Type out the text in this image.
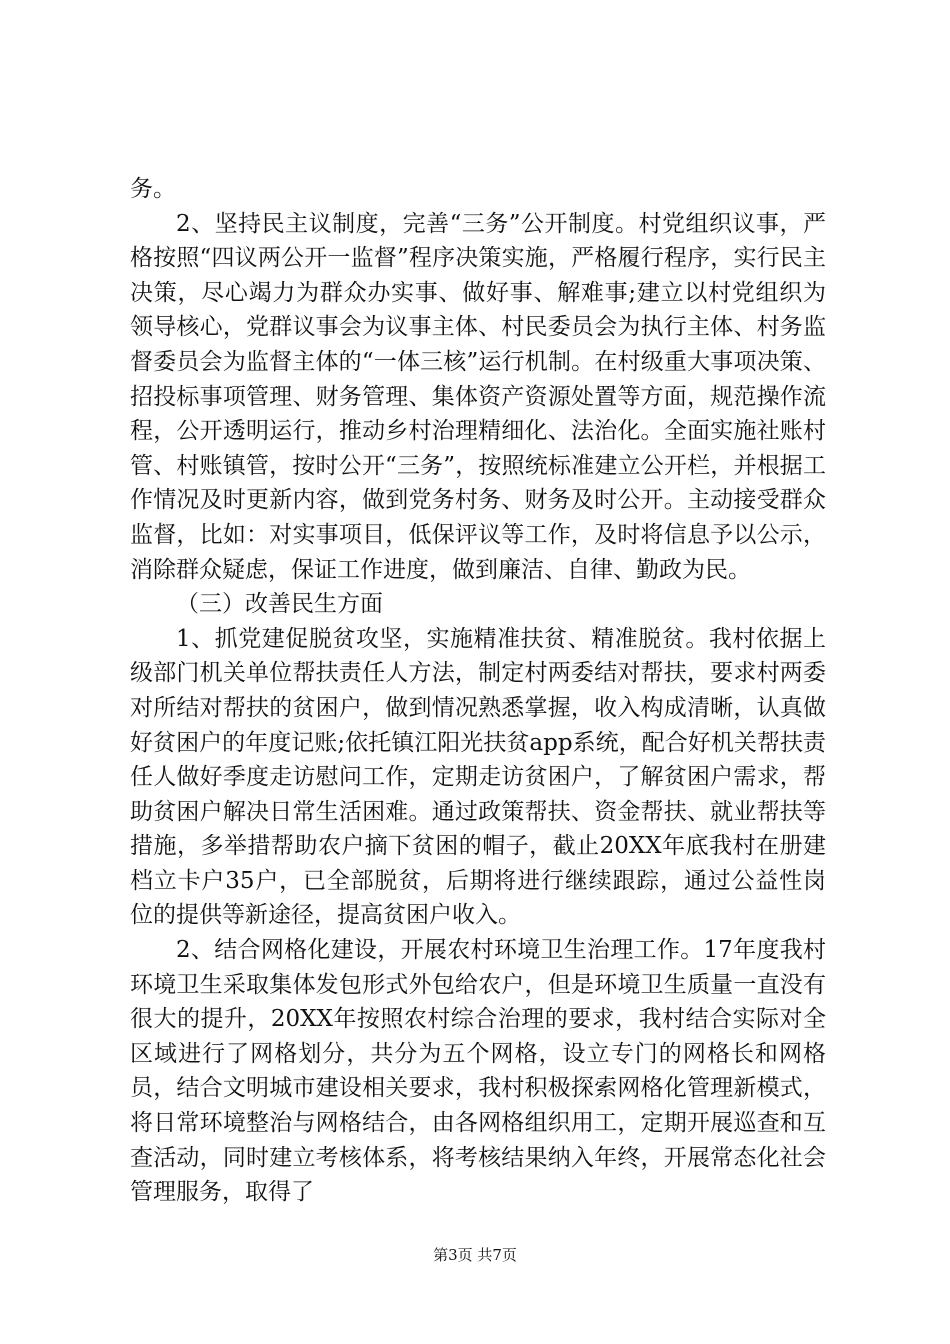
务。

2、坚持民主议制度，完善“三务”公开制度。村党组织议事，严格按照“四议两公开一监督”程序决策实施，严格履行程序，实行民主决策，尽心竭力为群众办实事、做好事、解难事;建立以村党组织为领导核心，党群议事会为议事主体、村民委员会为执行主体、村务监督委员会为监督主体的“一体三核”运行机制。在村级重大事项决策、招投标事项管理、财务管理、集体资产资源处置等方面，规范操作流程，公开透明运行，推动乡村治理精细化、法治化。全面实施社账村管、村账镇管，按时公开“三务”，按照统标准建立公开栏，并根据工作情况及时更新内容，做到党务村务、财务及时公开。主动接受群众监督，比如：对实事项目，低保评议等工作，及时将信息予以公示，消除群众疑虑，保证工作进度，做到廉洁、自律、勤政为民。

（三）改善民生方面

1、抓党建促脱贫攻坚，实施精准扶贫、精准脱贫。我村依据上级部门机关单位帮扶责任人方法，制定村两委结对帮扶，要求村两委对所结对帮扶的贫困户，做到情况熟悉掌握，收入构成清晰，认真做好贫困户的年度记账;依托镇江阳光扶贫app系统，配合好机关帮扶责任人做好季度走访慰问工作，定期走访贫困户，了解贫困户需求，帮助贫困户解决日常生活困难。通过政策帮扶、资金帮扶、就业帮扶等措施，多举措帮助农户摘下贫困的帽子，截止20XX年底我村在册建档立卡户35户，已全部脱贫，后期将进行继续跟踪，通过公益性岗位的提供等新途径，提高贫困户收入。

2、结合网格化建设，开展农村环境卫生治理工作。17年度我村环境卫生采取集体发包形式外包给农户，但是环境卫生质量一直没有很大的提升，20XX年按照农村综合治理的要求，我村结合实际对全区域进行了网格划分，共分为五个网格，设立专门的网格长和网格员，结合文明城市建设相关要求，我村积极探索网格化管理新模式，将日常环境整治与网格结合，由各网格组织用工，定期开展巡查和互查活动，同时建立考核体系，将考核结果纳入年终，开展常态化社会管理服务，取得了

第3页 共7页
